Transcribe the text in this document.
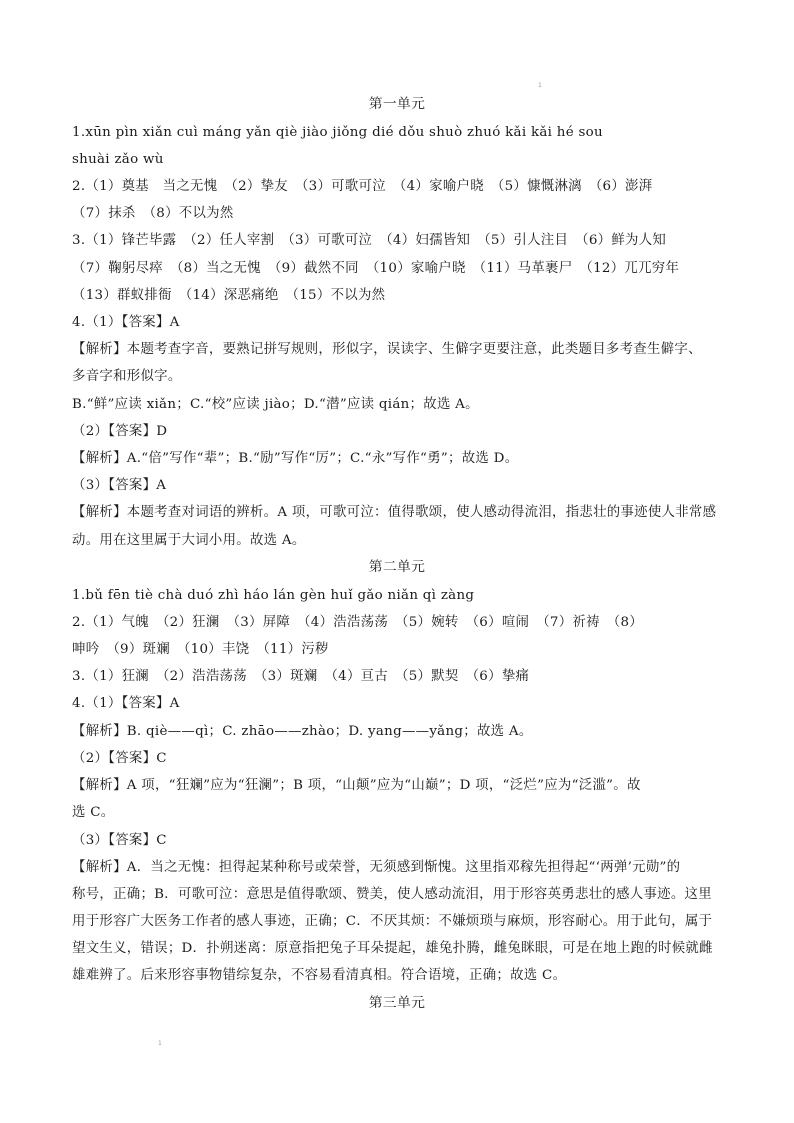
1
第一单元
1.xūn pìn xiǎn cuì máng yǎn qiè jiào jiǒng dié dǒu shuò zhuó kǎi kǎi hé sou
shuài zǎo wù
2.（1）奠基　当之无愧　（2）挚友　（3）可歌可泣　（4）家喻户晓　（5）慷慨淋漓　（6）澎湃
（7）抹杀　（8）不以为然
3.（1）锋芒毕露　（2）任人宰割　（3）可歌可泣　（4）妇孺皆知　（5）引人注目　（6）鲜为人知
（7）鞠躬尽瘁　（8）当之无愧　（9）截然不同　（10）家喻户晓　（11）马革裹尸　（12）兀兀穷年
（13）群蚁排衙　（14）深恶痛绝　（15）不以为然
4.（1）【答案】A
【解析】本题考查字音，要熟记拼写规则，形似字，误读字、生僻字更要注意，此类题目多考查生僻字、
多音字和形似字。
B.“鲜”应读 xiǎn；C.“校”应读 jiào；D.“潜”应读 qián；故选 A。
（2）【答案】D
【解析】A.“倍”写作“辈”；B.“励”写作“厉”；C.“永”写作“勇”；故选 D。
（3）【答案】A
【解析】本题考查对词语的辨析。A 项，可歌可泣：值得歌颂，使人感动得流泪，指悲壮的事迹使人非常感
动。用在这里属于大词小用。故选 A。
第二单元
1.bǔ fēn tiè chà duó zhì háo lán gèn huǐ gǎo niǎn qì zàng
2.（1）气魄　（2）狂澜　（3）屏障　（4）浩浩荡荡　（5）婉转　（6）喧闹　（7）祈祷　（8）
呻吟　（9）斑斓　（10）丰饶　（11）污秽
3.（1）狂澜　（2）浩浩荡荡　（3）斑斓　（4）亘古　（5）默契　（6）挚痛
4.（1）【答案】A
【解析】B. qiè——qì；C. zhāo——zhào；D. yang——yǎng；故选 A。
（2）【答案】C
【解析】A 项，“狂斓”应为“狂澜”；B 项，“山颠”应为“山巅”；D 项，“泛烂”应为“泛滥”。故
选 C。
（3）【答案】C
【解析】A．当之无愧：担得起某种称号或荣誉，无须感到惭愧。这里指邓稼先担得起“‘两弹’元勋”的
称号，正确；B．可歌可泣：意思是值得歌颂、赞美，使人感动流泪，用于形容英勇悲壮的感人事迹。这里
用于形容广大医务工作者的感人事迹，正确；C．不厌其烦：不嫌烦琐与麻烦，形容耐心。用于此句，属于
望文生义，错误；D．扑朔迷离：原意指把兔子耳朵提起，雄兔扑腾，雌兔眯眼，可是在地上跑的时候就雌
雄难辨了。后来形容事物错综复杂，不容易看清真相。符合语境，正确；故选 C。
第三单元
1
